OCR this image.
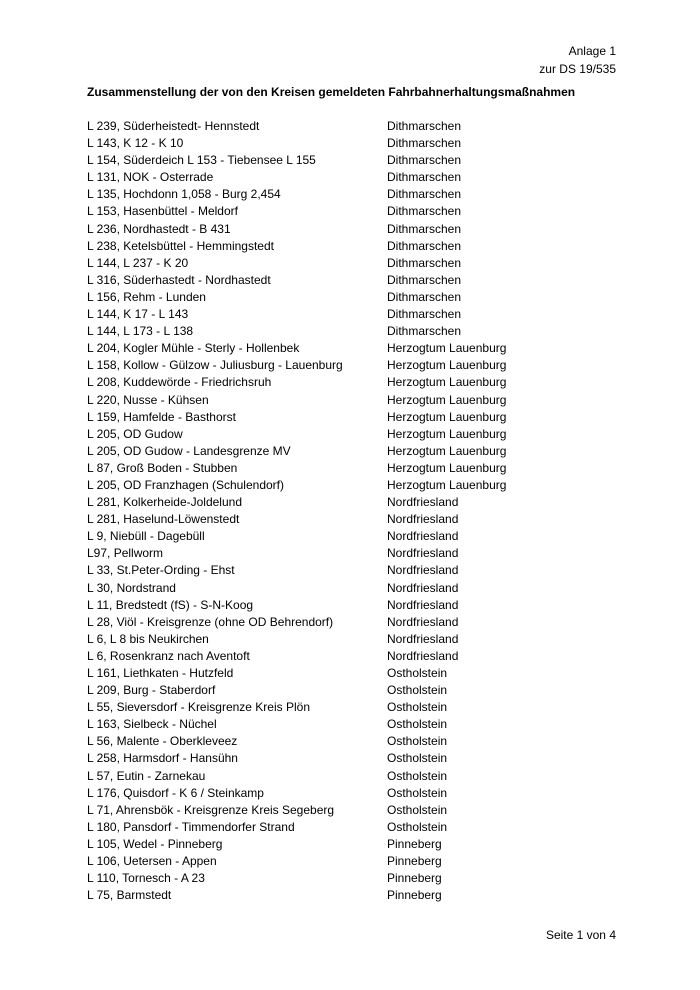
Anlage 1
zur DS 19/535
Zusammenstellung der von den Kreisen gemeldeten Fahrbahnerhaltungsmaßnahmen
L 239, Süderheistedt- Hennstedt	Dithmarschen
L 143, K 12 - K 10	Dithmarschen
L 154, Süderdeich L 153 - Tiebensee L 155	Dithmarschen
L 131, NOK - Osterrade	Dithmarschen
L 135, Hochdonn 1,058 - Burg 2,454	Dithmarschen
L 153, Hasenbüttel - Meldorf	Dithmarschen
L 236, Nordhastedt - B 431	Dithmarschen
L 238, Ketelsbüttel - Hemmingstedt	Dithmarschen
L 144, L 237 - K 20	Dithmarschen
L 316, Süderhastedt - Nordhastedt	Dithmarschen
L 156, Rehm - Lunden	Dithmarschen
L 144, K 17 - L 143	Dithmarschen
L 144, L 173 - L 138	Dithmarschen
L 204, Kogler Mühle - Sterly - Hollenbek	Herzogtum Lauenburg
L 158, Kollow - Gülzow - Juliusburg - Lauenburg	Herzogtum Lauenburg
L 208, Kuddewörde - Friedrichsruh	Herzogtum Lauenburg
L 220, Nusse - Kühsen	Herzogtum Lauenburg
L 159, Hamfelde - Basthorst	Herzogtum Lauenburg
L 205, OD Gudow	Herzogtum Lauenburg
L 205, OD Gudow - Landesgrenze MV	Herzogtum Lauenburg
L 87, Groß Boden - Stubben	Herzogtum Lauenburg
L 205, OD Franzhagen (Schulendorf)	Herzogtum Lauenburg
L 281, Kolkerheide-Joldelund	Nordfriesland
L 281, Haselund-Löwenstedt	Nordfriesland
L 9, Niebüll - Dagebüll	Nordfriesland
L97, Pellworm	Nordfriesland
L 33, St.Peter-Ording - Ehst	Nordfriesland
L 30, Nordstrand	Nordfriesland
L 11, Bredstedt (fS) - S-N-Koog	Nordfriesland
L 28, Viöl - Kreisgrenze (ohne OD Behrendorf)	Nordfriesland
L 6, L 8 bis Neukirchen	Nordfriesland
L 6, Rosenkranz nach Aventoft	Nordfriesland
L 161, Liethkaten - Hutzfeld	Ostholstein
L 209, Burg - Staberdorf	Ostholstein
L 55, Sieversdorf - Kreisgrenze Kreis Plön	Ostholstein
L 163, Sielbeck - Nüchel	Ostholstein
L 56, Malente - Oberkleveez	Ostholstein
L 258, Harmsdorf - Hansühn	Ostholstein
L 57, Eutin - Zarnekau	Ostholstein
L 176, Quisdorf - K 6 / Steinkamp	Ostholstein
L 71, Ahrensbök - Kreisgrenze Kreis Segeberg	Ostholstein
L 180, Pansdorf - Timmendorfer Strand	Ostholstein
L 105, Wedel - Pinneberg	Pinneberg
L 106, Uetersen - Appen	Pinneberg
L 110, Tornesch - A 23	Pinneberg
L 75, Barmstedt	Pinneberg
Seite 1 von 4
